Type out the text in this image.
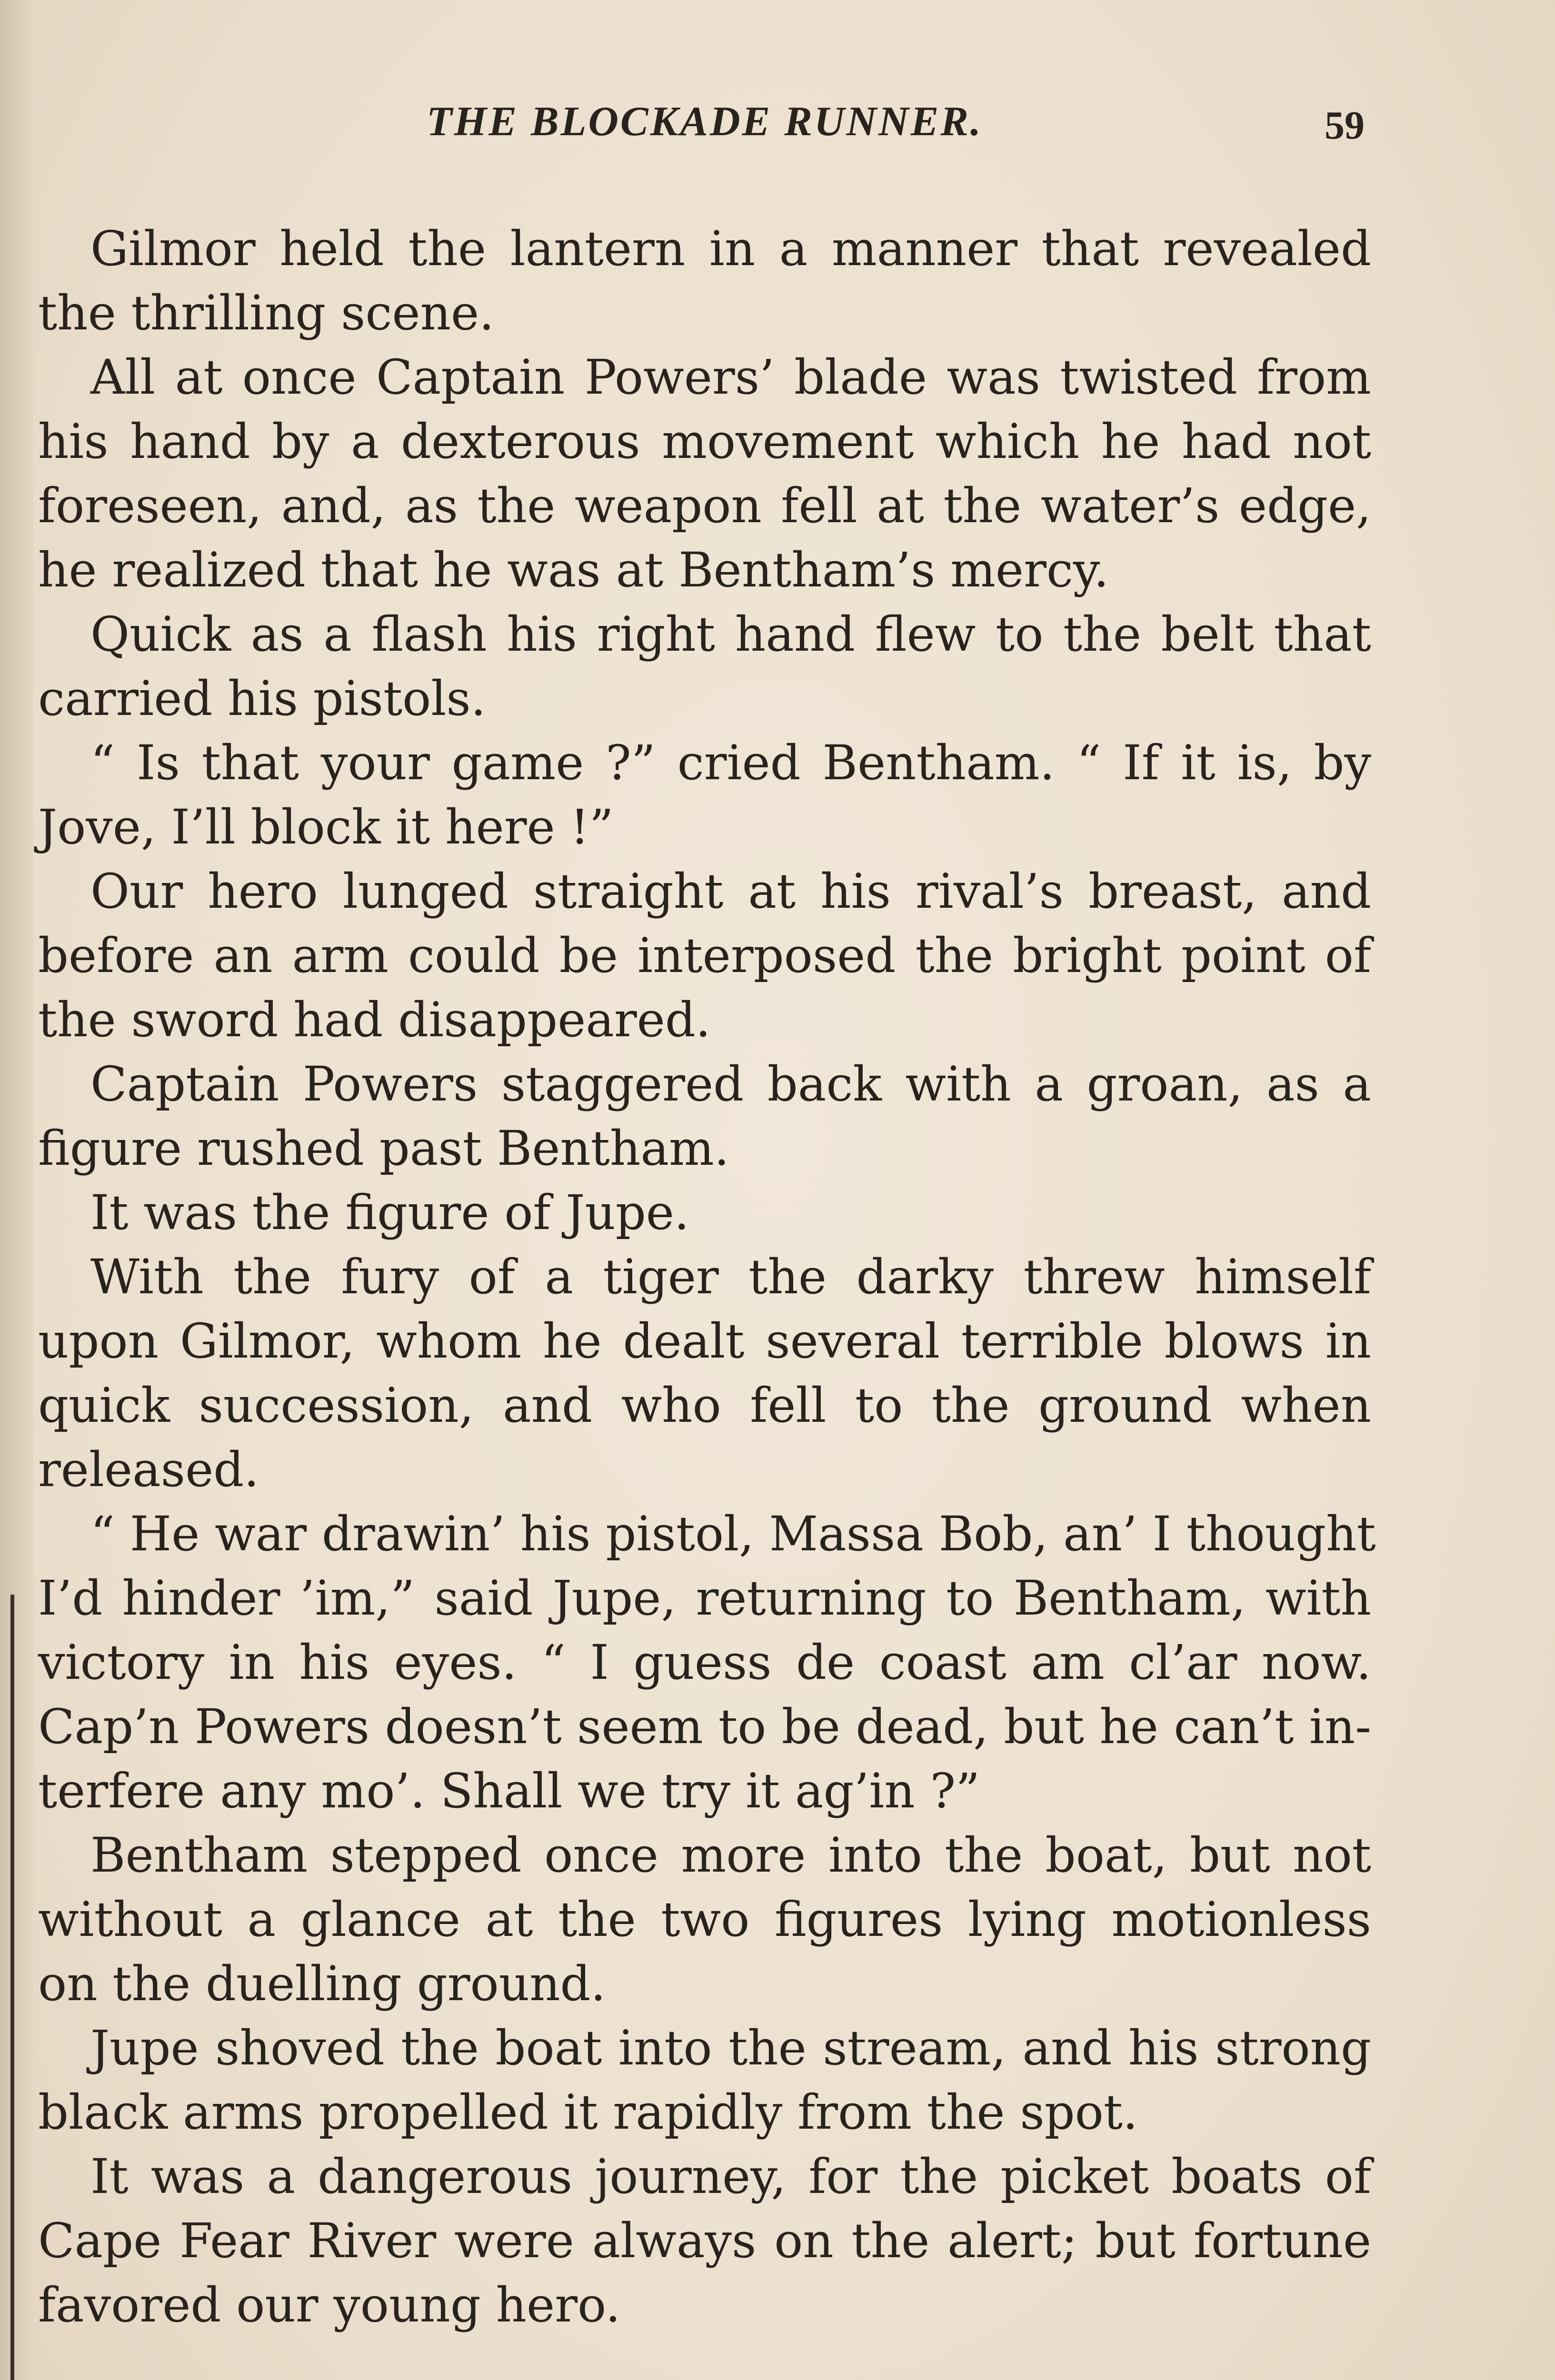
THE BLOCKADE RUNNER.	59
Gilmor held the lantern in a manner that revealed
the thrilling scene.
All at once Captain Powers’ blade was twisted from
his hand by a dexterous movement which he had not
foreseen, and, as the weapon fell at the water’s edge,
he realized that he was at Bentham’s mercy.
Quick as a flash his right hand flew to the belt that
carried his pistols.
“ Is that your game ?” cried Bentham. “ If it is, by
Jove, I’ll block it here !”
Our hero lunged straight at his rival’s breast, and
before an arm could be interposed the bright point of
the sword had disappeared.
Captain Powers staggered back with a groan, as a
figure rushed past Bentham.
It was the figure of Jupe.
With the fury of a tiger the darky threw himself
upon Gilmor, whom he dealt several terrible blows in
quick succession, and who fell to the ground when
released.
“ He war drawin’ his pistol, Massa Bob, an’ I thought
I’d hinder ’im,” said Jupe, returning to Bentham, with
victory in his eyes. “ I guess de coast am cl’ar now.
Cap’n Powers doesn’t seem to be dead, but he can’t in-
terfere any mo’. Shall we try it ag’in ?”
Bentham stepped once more into the boat, but not
without a glance at the two figures lying motionless
on the duelling ground.
Jupe shoved the boat into the stream, and his strong
black arms propelled it rapidly from the spot.
It was a dangerous journey, for the picket boats of
Cape Fear River were always on the alert; but fortune
favored our young hero.
